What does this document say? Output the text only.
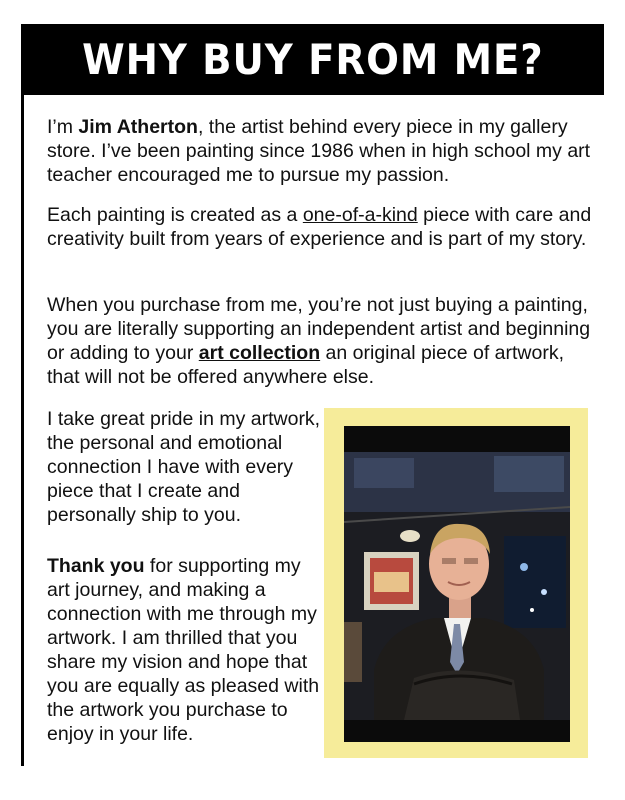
WHY BUY FROM ME?

I’m Jim Atherton, the artist behind every piece in my gallery store. I’ve been painting since 1986 when in high school my art teacher encouraged me to pursue my passion.

Each painting is created as a one-of-a-kind piece with care and creativity built from years of experience and is part of my story.

When you purchase from me, you’re not just buying a painting, you are literally supporting an independent artist and beginning or adding to your art collection an original piece of artwork, that will not be offered anywhere else.

I take great pride in my artwork, the personal and emotional connection I have with every piece that I create and personally ship to you.

Thank you for supporting my art journey, and making a connection with me through my artwork. I am thrilled that you share my vision and hope that you are equally as pleased with the artwork you purchase to enjoy in your life.
